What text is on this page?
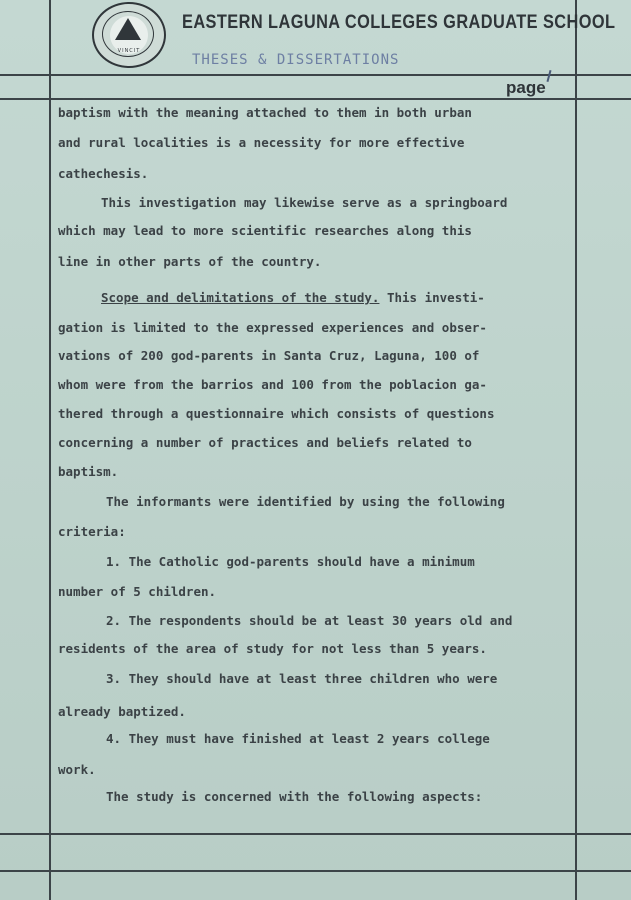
VINCIT
EASTERN LAGUNA COLLEGES GRADUATE SCHOOL
THESES & DISSERTATIONS
page
baptism with the meaning attached to them in both urban
and rural localities is a necessity for more effective
cathechesis.
This investigation may likewise serve as a springboard
which may lead to more scientific researches along this
line in other parts of the country.
Scope and delimitations of the study. This investi-
gation is limited to the expressed experiences and obser-
vations of 200 god-parents in Santa Cruz, Laguna, 100 of
whom were from the barrios and 100 from the poblacion ga-
thered through a questionnaire which consists of questions
concerning a number of practices and beliefs related to
baptism.
The informants were identified by using the following
criteria:
1. The Catholic god-parents should have a minimum
number of 5 children.
2. The respondents should be at least 30 years old and
residents of the area of study for not less than 5 years.
3. They should have at least three children who were
already baptized.
4. They must have finished at least 2 years college
work.
The study is concerned with the following aspects:
